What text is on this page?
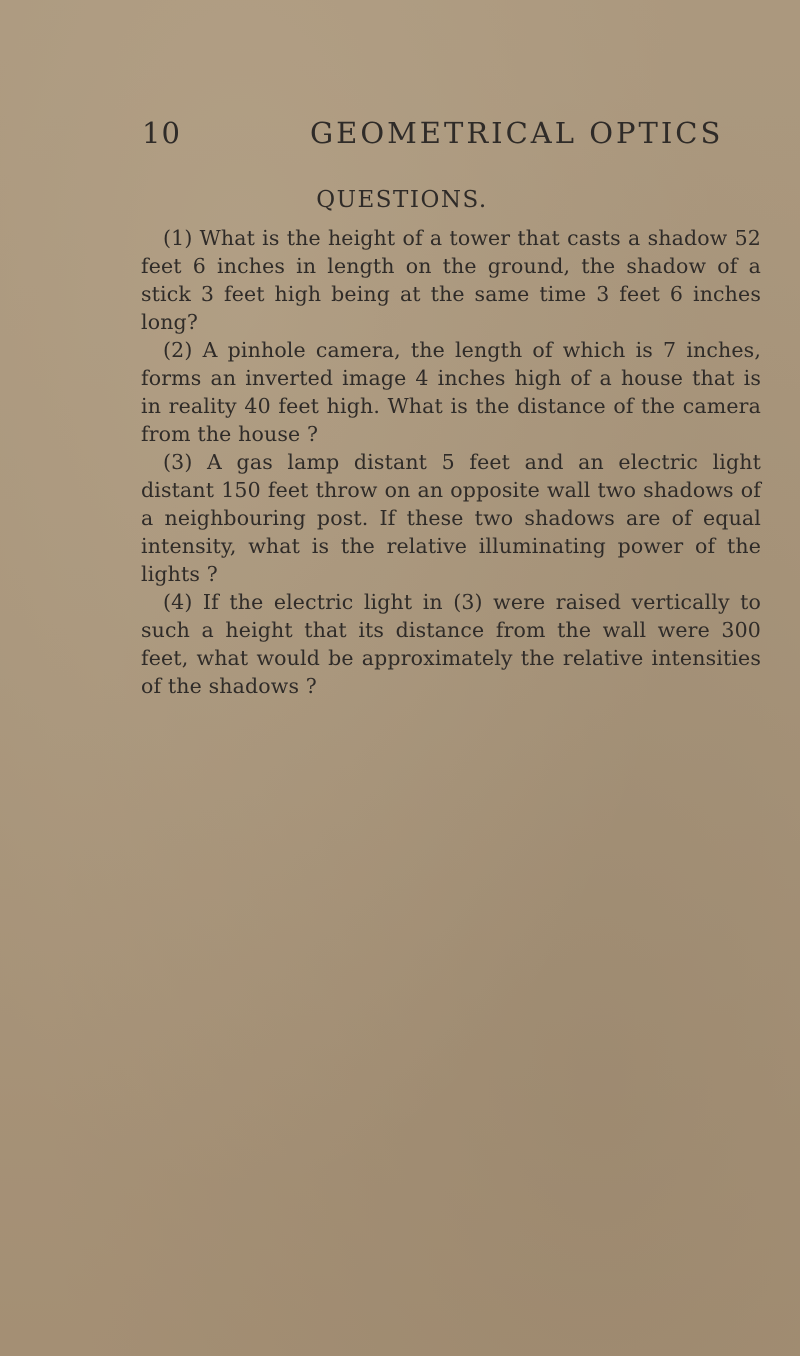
10	GEOMETRICAL OPTICS
QUESTIONS.

(1) What is the height of a tower that casts a shadow 52 feet 6 inches in length on the ground, the shadow of a stick 3 feet high being at the same time 3 feet 6 inches long?

(2) A pinhole camera, the length of which is 7 inches, forms an inverted image 4 inches high of a house that is in reality 40 feet high. What is the distance of the camera from the house ?

(3) A gas lamp distant 5 feet and an electric light distant 150 feet throw on an opposite wall two shadows of a neighbouring post. If these two shadows are of equal intensity, what is the relative illuminating power of the lights ?

(4) If the electric light in (3) were raised vertically to such a height that its distance from the wall were 300 feet, what would be approximately the relative intensities of the shadows ?
